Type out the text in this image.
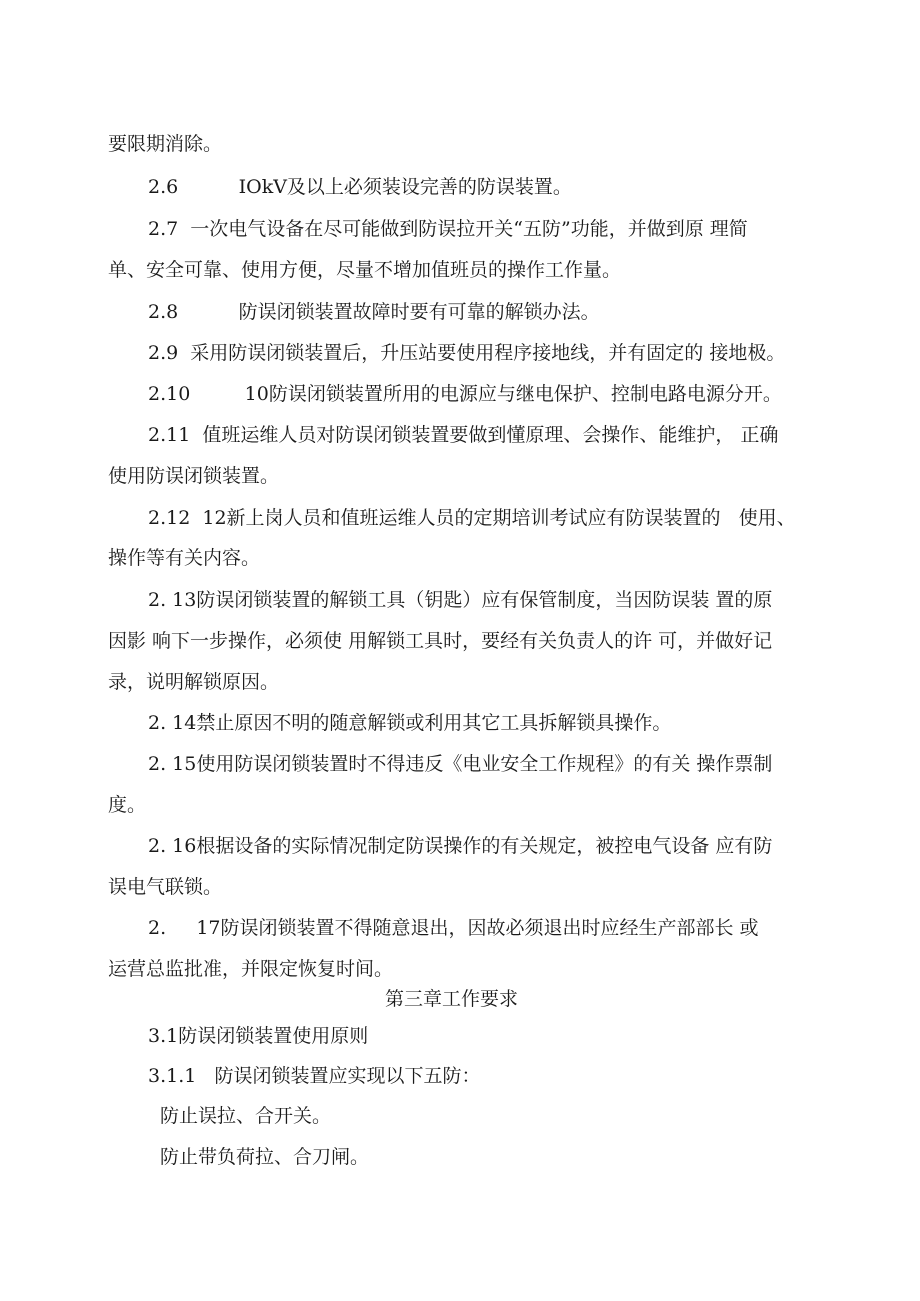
要限期消除。
2.6          IOkV及以上必须装设完善的防误装置。
2.7  一次电气设备在尽可能做到防误拉开关“五防”功能，并做到原 理简
单、安全可靠、使用方便，尽量不增加值班员的操作工作量。
2.8          防误闭锁装置故障时要有可靠的解锁办法。
2.9  采用防误闭锁装置后，升压站要使用程序接地线，并有固定的 接地极。
2.10         10防误闭锁装置所用的电源应与继电保护、控制电路电源分开。
2.11  值班运维人员对防误闭锁装置要做到懂原理、会操作、能维护， 正确
使用防误闭锁装置。
2.12  12新上岗人员和值班运维人员的定期培训考试应有防误装置的   使用、
操作等有关内容。
2. 13防误闭锁装置的解锁工具（钥匙）应有保管制度，当因防误装 置的原
因影 响下一步操作，必须使 用解锁工具时，要经有关负责人的许 可，并做好记
录，说明解锁原因。
2. 14禁止原因不明的随意解锁或利用其它工具拆解锁具操作。
2. 15使用防误闭锁装置时不得违反《电业安全工作规程》的有关 操作票制
度。
2. 16根据设备的实际情况制定防误操作的有关规定，被控电气设备 应有防
误电气联锁。
2.     17防误闭锁装置不得随意退出，因故必须退出时应经生产部部长 或
运营总监批准，并限定恢复时间。
第三章工作要求
3.1防误闭锁装置使用原则
3.1.1   防误闭锁装置应实现以下五防：
防止误拉、合开关。
防止带负荷拉、合刀闸。
